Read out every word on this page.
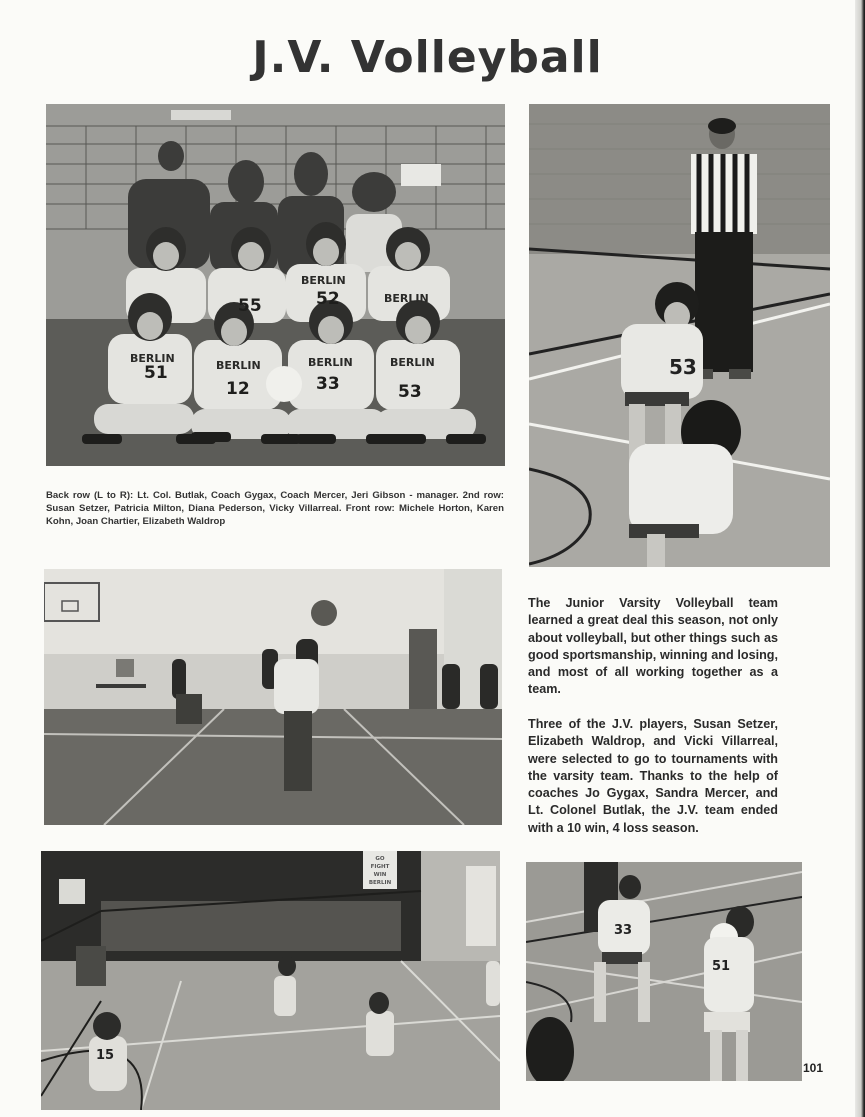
J.V. Volleyball
BERLIN
BERLIN	BERLIN	BERLIN
BERLIN
BERLIN
51
12	33	53
55	52
53
Back row (L to R): Lt. Col. Butlak, Coach Gygax, Coach Mercer, Jeri Gibson - manager. 2nd row: Susan Setzer, Patricia Milton, Diana Pederson, Vicky Villarreal. Front row: Michele Horton, Karen Kohn, Joan Chartier, Elizabeth Waldrop
The Junior Varsity Volleyball team learned a great deal this season, not only about volleyball, but other things such as good sportsmanship, winning and losing, and most of all working together as a team.
Three of the J.V. players, Susan Setzer, Elizabeth Waldrop, and Vicki Villarreal, were selected to go to tournaments with the varsity team. Thanks to the help of coaches Jo Gygax, Sandra Mercer, and Lt. Colonel Butlak, the J.V. team ended with a 10 win, 4 loss season.
GO
FIGHT
WIN
BERLIN
15
33
51
101
